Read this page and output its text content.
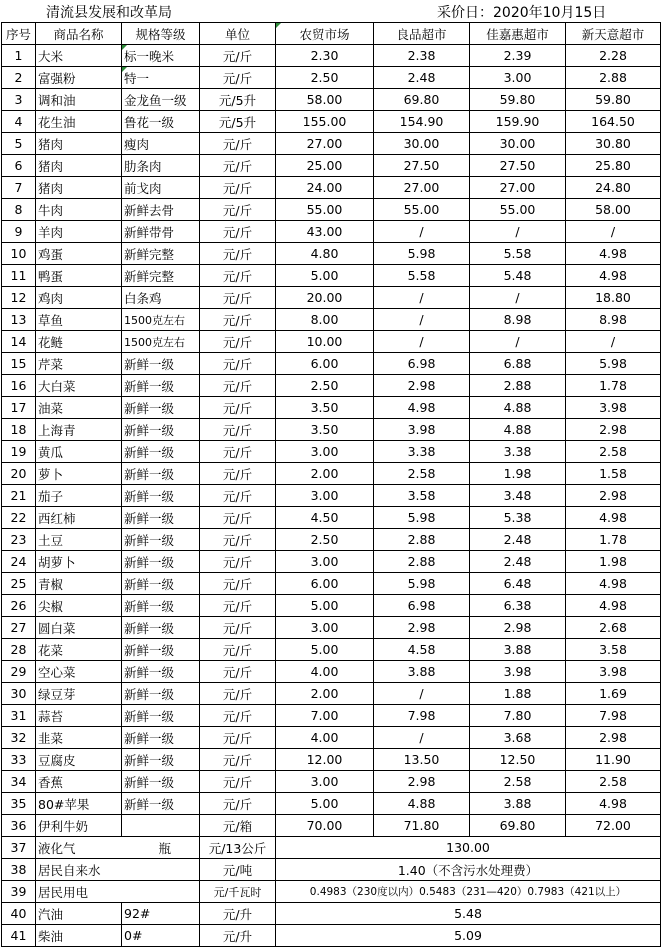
清流县发展和改革局	采价日：2020年10月15日
序号	商品名称	规格等级	单位	农贸市场	良品超市	佳嘉惠超市	新天意超市
1	大米	标一晚米	元/斤	2.30	2.38	2.39	2.28
2	富强粉	特一	元/斤	2.50	2.48	3.00	2.88
3	调和油	金龙鱼一级	元/5升	58.00	69.80	59.80	59.80
4	花生油	鲁花一级	元/5升	155.00	154.90	159.90	164.50
5	猪肉	瘦肉	元/斤	27.00	30.00	30.00	30.80
6	猪肉	肋条肉	元/斤	25.00	27.50	27.50	25.80
7	猪肉	前戈肉	元/斤	24.00	27.00	27.00	24.80
8	牛肉	新鲜去骨	元/斤	55.00	55.00	55.00	58.00
9	羊肉	新鲜带骨	元/斤	43.00	/	/	/
10	鸡蛋	新鲜完整	元/斤	4.80	5.98	5.58	4.98
11	鸭蛋	新鲜完整	元/斤	5.00	5.58	5.48	4.98
12	鸡肉	白条鸡	元/斤	20.00	/	/	18.80
13	草鱼	1500克左右	元/斤	8.00	/	8.98	8.98
14	花鲢	1500克左右	元/斤	10.00	/	/	/
15	芹菜	新鲜一级	元/斤	6.00	6.98	6.88	5.98
16	大白菜	新鲜一级	元/斤	2.50	2.98	2.88	1.78
17	油菜	新鲜一级	元/斤	3.50	4.98	4.88	3.98
18	上海青	新鲜一级	元/斤	3.50	3.98	4.88	2.98
19	黄瓜	新鲜一级	元/斤	3.00	3.38	3.38	2.58
20	萝卜	新鲜一级	元/斤	2.00	2.58	1.98	1.58
21	茄子	新鲜一级	元/斤	3.00	3.58	3.48	2.98
22	西红柿	新鲜一级	元/斤	4.50	5.98	5.38	4.98
23	土豆	新鲜一级	元/斤	2.50	2.88	2.48	1.78
24	胡萝卜	新鲜一级	元/斤	3.00	2.88	2.48	1.98
25	青椒	新鲜一级	元/斤	6.00	5.98	6.48	4.98
26	尖椒	新鲜一级	元/斤	5.00	6.98	6.38	4.98
27	圆白菜	新鲜一级	元/斤	3.00	2.98	2.98	2.68
28	花菜	新鲜一级	元/斤	5.00	4.58	3.88	3.58
29	空心菜	新鲜一级	元/斤	4.00	3.88	3.98	3.98
30	绿豆芽	新鲜一级	元/斤	2.00	/	1.88	1.69
31	蒜苔	新鲜一级	元/斤	7.00	7.98	7.80	7.98
32	韭菜	新鲜一级	元/斤	4.00	/	3.68	2.98
33	豆腐皮	新鲜一级	元/斤	12.00	13.50	12.50	11.90
34	香蕉	新鲜一级	元/斤	3.00	2.98	2.58	2.58
35	80#苹果	新鲜一级	元/斤	5.00	4.88	3.88	4.98
36	伊利牛奶		元/箱	70.00	71.80	69.80	72.00
37	液化气 瓶		元/13公斤	130.00			
38	居民自来水		元/吨	1.40（不含污水处理费）			
39	居民用电		元/千瓦时	0.4983（230度以内）0.5483（231—420）0.7983（421以上）			
40	汽油	92#	元/升	5.48			
41	柴油	0#	元/升	5.09			
